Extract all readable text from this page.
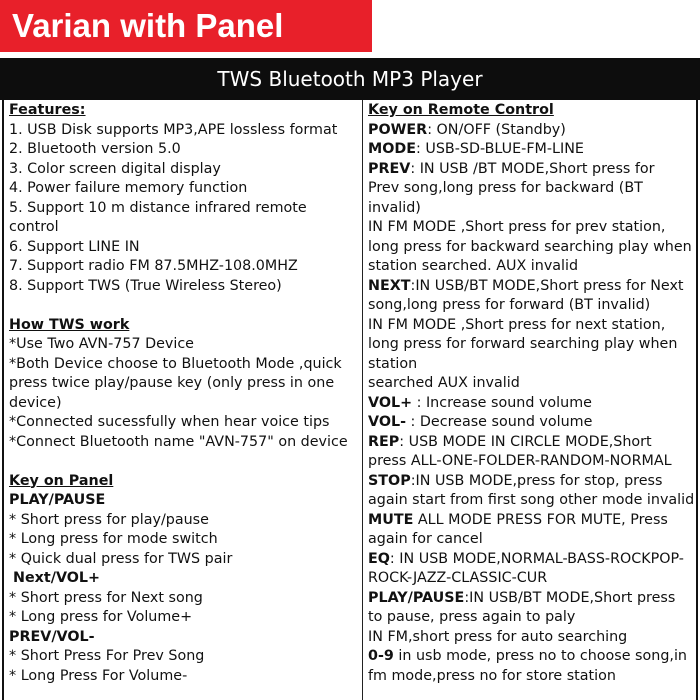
Varian with Panel
TWS Bluetooth MP3 Player
Features:
1. USB Disk supports MP3,APE lossless format
2. Bluetooth version 5.0
3. Color screen digital display
4. Power failure memory function
5. Support 10 m distance infrared remote
control
6. Support LINE IN
7. Support radio FM 87.5MHZ-108.0MHZ
8. Support TWS (True Wireless Stereo)
How TWS work
*Use Two AVN-757 Device
*Both Device choose to Bluetooth Mode ,quick
press twice play/pause key (only press in one
device)
*Connected sucessfully when hear voice tips
*Connect Bluetooth name "AVN-757" on device
Key on Panel
PLAY/PAUSE
* Short press for play/pause
* Long press for mode switch
* Quick dual press for TWS pair
Next/VOL+
* Short press for Next song
* Long press for Volume+
PREV/VOL-
* Short Press For Prev Song
* Long Press For Volume-
Key on Remote Control
POWER: ON/OFF (Standby)
MODE: USB-SD-BLUE-FM-LINE
PREV: IN USB /BT MODE,Short press for
Prev song,long press for backward (BT
invalid)
IN FM MODE ,Short press for prev station,
long press for backward searching play when
station searched. AUX invalid
NEXT:IN USB/BT MODE,Short press for Next
song,long press for forward (BT invalid)
IN FM MODE ,Short press for next station,
long press for forward searching play when
station
searched AUX invalid
VOL+ : Increase sound volume
VOL- : Decrease sound volume
REP: USB MODE IN CIRCLE MODE,Short
press ALL-ONE-FOLDER-RANDOM-NORMAL
STOP:IN USB MODE,press for stop, press
again start from first song other mode invalid
MUTE ALL MODE PRESS FOR MUTE, Press
again for cancel
EQ: IN USB MODE,NORMAL-BASS-ROCKPOP-
ROCK-JAZZ-CLASSIC-CUR
PLAY/PAUSE:IN USB/BT MODE,Short press
to pause, press again to paly
IN FM,short press for auto searching
0-9 in usb mode, press no to choose song,in
fm mode,press no for store station
